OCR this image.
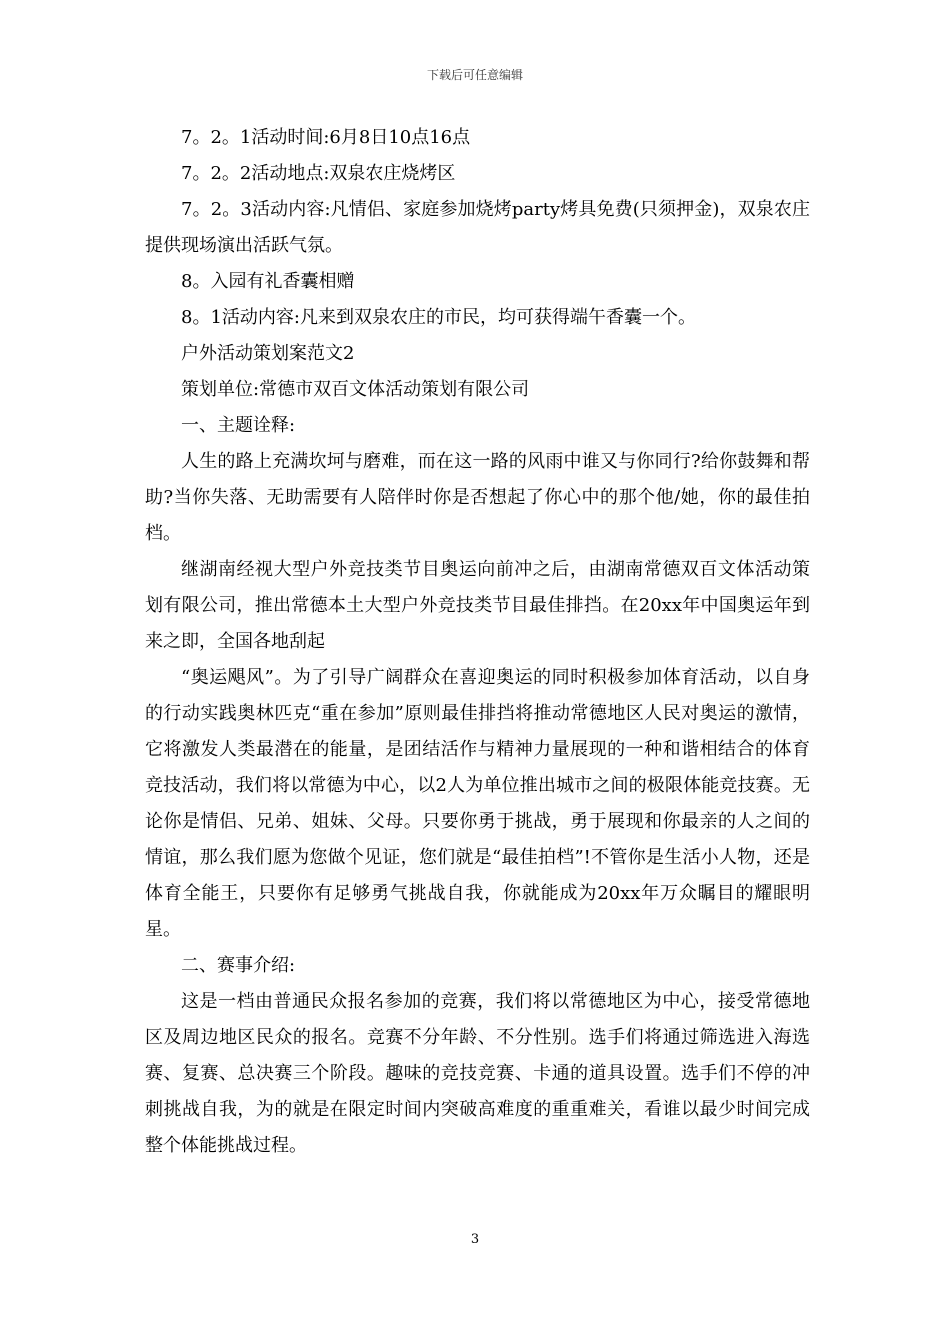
下载后可任意编辑

7。2。1活动时间:6月8日10点16点

7。2。2活动地点:双泉农庄烧烤区

7。2。3活动内容:凡情侣、家庭参加烧烤party烤具免费(只须押金)，双泉农庄提供现场演出活跃气氛。

8。入园有礼香囊相赠

8。1活动内容:凡来到双泉农庄的市民，均可获得端午香囊一个。

户外活动策划案范文2

策划单位:常德市双百文体活动策划有限公司

一、主题诠释:

人生的路上充满坎坷与磨难，而在这一路的风雨中谁又与你同行?给你鼓舞和帮助?当你失落、无助需要有人陪伴时你是否想起了你心中的那个他/她，你的最佳拍档。

继湖南经视大型户外竞技类节目奥运向前冲之后，由湖南常德双百文体活动策划有限公司，推出常德本土大型户外竞技类节目最佳排挡。在20xx年中国奥运年到来之即，全国各地刮起

“奥运飓风”。为了引导广阔群众在喜迎奥运的同时积极参加体育活动，以自身的行动实践奥林匹克“重在参加”原则最佳排挡将推动常德地区人民对奥运的激情，它将激发人类最潜在的能量，是团结活作与精神力量展现的一种和谐相结合的体育竞技活动，我们将以常德为中心，以2人为单位推出城市之间的极限体能竞技赛。无论你是情侣、兄弟、姐妹、父母。只要你勇于挑战，勇于展现和你最亲的人之间的情谊，那么我们愿为您做个见证，您们就是“最佳拍档”!不管你是生活小人物，还是体育全能王，只要你有足够勇气挑战自我，你就能成为20xx年万众瞩目的耀眼明星。

二、赛事介绍:

这是一档由普通民众报名参加的竞赛，我们将以常德地区为中心，接受常德地区及周边地区民众的报名。竞赛不分年龄、不分性别。选手们将通过筛选进入海选赛、复赛、总决赛三个阶段。趣味的竞技竞赛、卡通的道具设置。选手们不停的冲刺挑战自我，为的就是在限定时间内突破高难度的重重难关，看谁以最少时间完成整个体能挑战过程。

3
